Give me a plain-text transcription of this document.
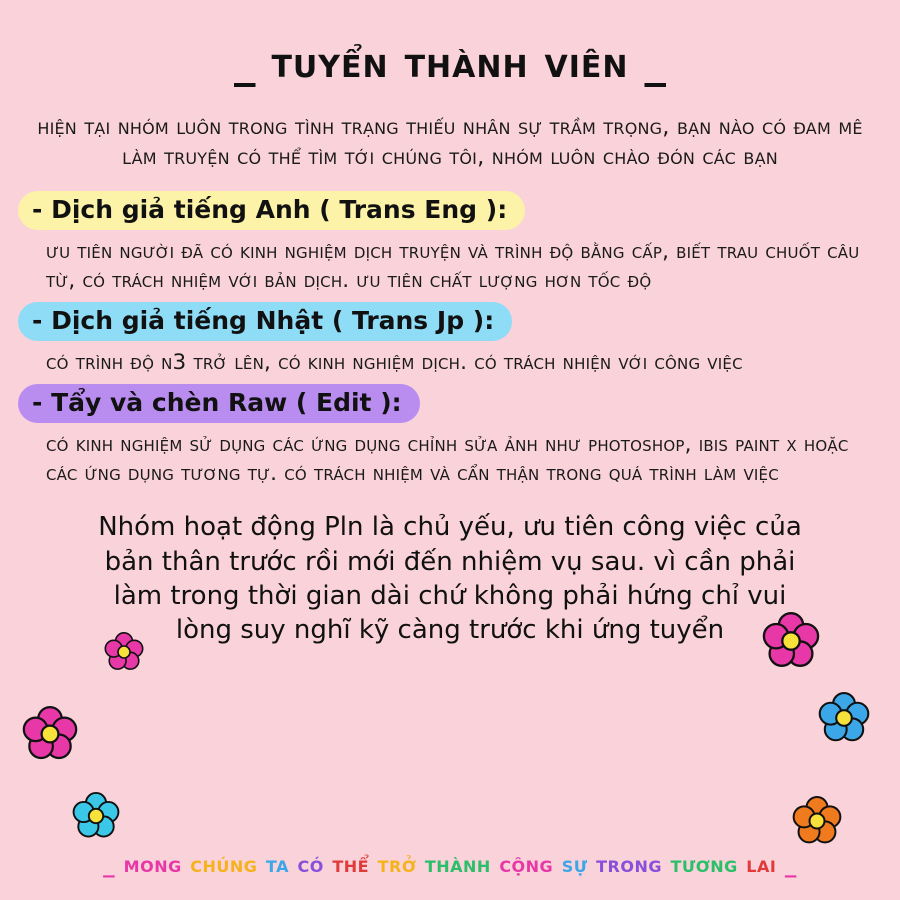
_ tuyển thành viên _
hiện tại nhóm luôn trong tình trạng thiếu nhân sự trầm trọng, bạn nào có đam mê làm truyện có thể tìm tới chúng tôi, nhóm luôn chào đón các bạn
- Dịch giả tiếng Anh ( Trans Eng ):
ưu tiên người đã có kinh nghiệm dịch truyện và trình độ bằng cấp, biết trau chuốt câu từ, có trách nhiệm với bản dịch. ưu tiên chất lượng hơn tốc độ
- Dịch giả tiếng Nhật ( Trans Jp ):
có trình độ n3 trở lên, có kinh nghiệm dịch. có trách nhiện với công việc
- Tẩy và chèn Raw ( Edit ):
có kinh nghiệm sử dụng các ứng dụng chỉnh sửa ảnh như photoshop, ibis paint x hoặc các ứng dụng tương tự. có trách nhiệm và cẩn thận trong quá trình làm việc
Nhóm hoạt động Pln là chủ yếu, ưu tiên công việc của bản thân trước rồi mới đến nhiệm vụ sau. vì cần phải làm trong thời gian dài chứ không phải hứng chỉ vui lòng suy nghĩ kỹ càng trước khi ứng tuyển
_ mong chúng ta có thể trở thành cộng sự trong tương lai _
